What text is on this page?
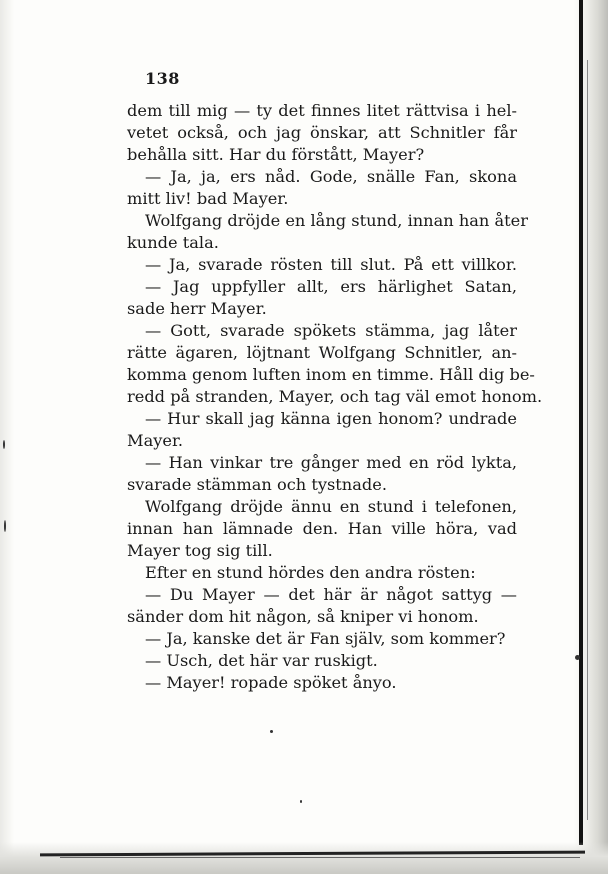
138
dem till mig — ty det finnes litet rättvisa i hel-
vetet också, och jag önskar, att Schnitler får
behålla sitt. Har du förstått, Mayer?
— Ja, ja, ers nåd. Gode, snälle Fan, skona
mitt liv! bad Mayer.
Wolfgang dröjde en lång stund, innan han åter
kunde tala.
— Ja, svarade rösten till slut. På ett villkor.
— Jag uppfyller allt, ers härlighet Satan,
sade herr Mayer.
— Gott, svarade spökets stämma, jag låter
rätte ägaren, löjtnant Wolfgang Schnitler, an-
komma genom luften inom en timme. Håll dig be-
redd på stranden, Mayer, och tag väl emot honom.
— Hur skall jag känna igen honom? undrade
Mayer.
— Han vinkar tre gånger med en röd lykta,
svarade stämman och tystnade.
Wolfgang dröjde ännu en stund i telefonen,
innan han lämnade den. Han ville höra, vad
Mayer tog sig till.
Efter en stund hördes den andra rösten:
— Du Mayer — det här är något sattyg —
sänder dom hit någon, så kniper vi honom.
— Ja, kanske det är Fan själv, som kommer?
— Usch, det här var ruskigt.
— Mayer! ropade spöket ånyo.
